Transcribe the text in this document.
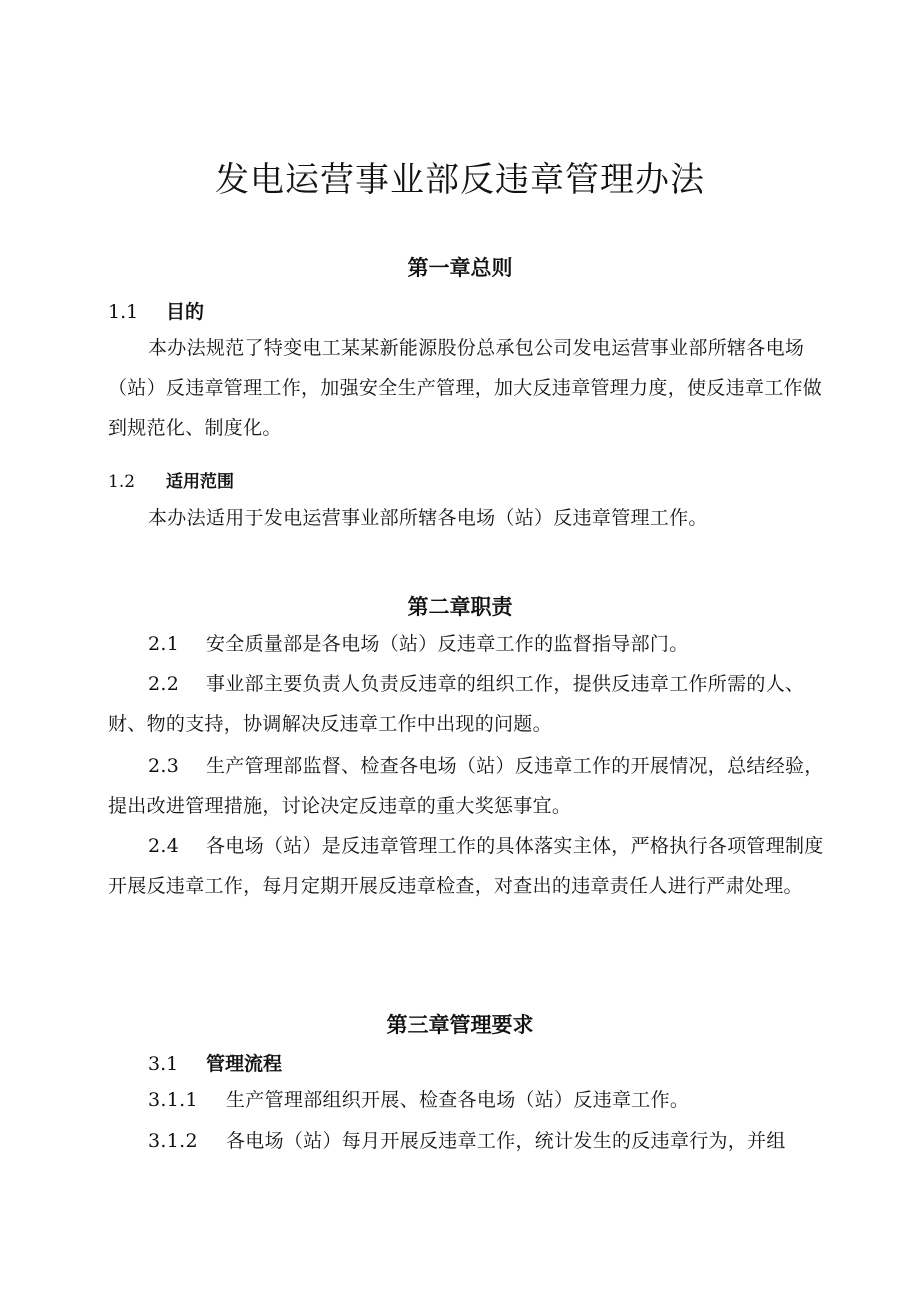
发电运营事业部反违章管理办法
第一章总则
1.1 目的

本办法规范了特变电工某某新能源股份总承包公司发电运营事业部所辖各电场（站）反违章管理工作，加强安全生产管理，加大反违章管理力度，使反违章工作做到规范化、制度化。

1.2 适用范围

本办法适用于发电运营事业部所辖各电场（站）反违章管理工作。

第二章职责

2.1 安全质量部是各电场（站）反违章工作的监督指导部门。

2.2 事业部主要负责人负责反违章的组织工作，提供反违章工作所需的人、财、物的支持，协调解决反违章工作中出现的问题。

2.3 生产管理部监督、检查各电场（站）反违章工作的开展情况，总结经验，提出改进管理措施，讨论决定反违章的重大奖惩事宜。

2.4 各电场（站）是反违章管理工作的具体落实主体，严格执行各项管理制度开展反违章工作，每月定期开展反违章检查，对查出的违章责任人进行严肃处理。

第三章管理要求
3.1 管理流程

3.1.1 生产管理部组织开展、检查各电场（站）反违章工作。

3.1.2 各电场（站）每月开展反违章工作，统计发生的反违章行为，并组
